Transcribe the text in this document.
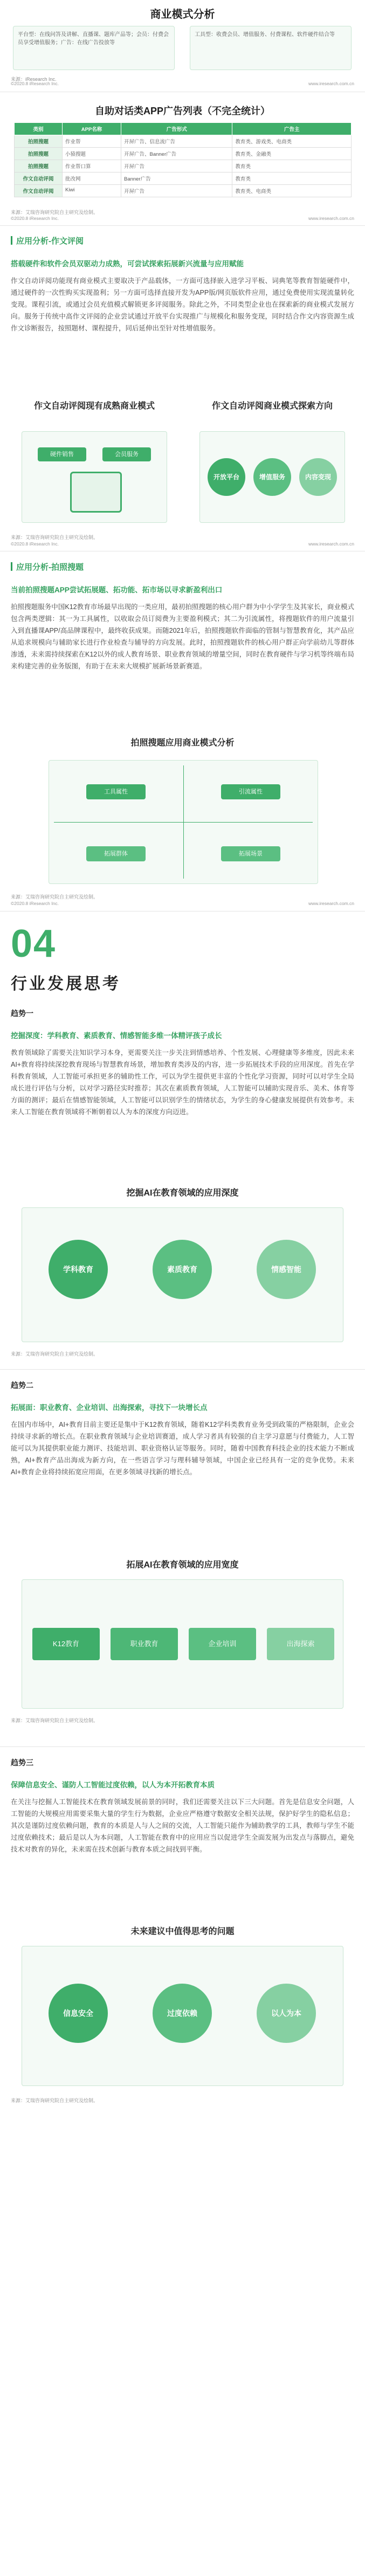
商业模式分析
平台型：在线问答及讲解、直播课、题库产品等；会员：付费会员享受增值服务；广告：在线广告投放等
工具型：收费会员、增值服务、付费课程、软件硬件结合等
来源：iResearch Inc.
©2020.8 iResearch Inc.	www.iresearch.com.cn
自助对话类APP广告列表（不完全统计）
类别	APP名称	广告形式	广告主
拍照搜题	作业帮	开屏广告、信息流广告	教育类、游戏类、电商类
拍照搜题	小猿搜题	开屏广告、Banner广告	教育类、金融类
拍照搜题	作业帮口算	开屏广告	教育类
作文自动评阅	批改网	Banner广告	教育类
作文自动评阅	Kiwi	开屏广告	教育类、电商类
来源：艾瑞咨询研究院自主研究及绘制。
©2020.8 iResearch Inc.	www.iresearch.com.cn
应用分析-作文评阅
搭载硬件和软件会员双驱动力成熟，可尝试探索拓展新兴流量与应用赋能
作文自动评阅功能现有商业模式主要取决于产品载体，一方面可选择嵌入进学习平板、词典笔等教育智能硬件中，通过硬件的一次性购买实现盈利；另一方面可选择直接开发为APP版/网页版软件应用，通过免费使用实现流量转化变现。课程引流，或通过会员充值模式解锁更多评阅服务。除此之外，不同类型企业也在探索新的商业模式发展方向。服务于传统中高作文评阅的企业尝试通过开放平台实现推广与规模化和服务变现，同时结合作文内容资源生成作文诊断报告，按照题材、课程提升，同后延伸出至针对性增值服务。
作文自动评阅现有成熟商业模式	作文自动评阅商业模式探索方向
硬件销售	会员服务
开放平台	增值服务	内容变现
来源：艾瑞咨询研究院自主研究及绘制。
©2020.8 iResearch Inc.	www.iresearch.com.cn
应用分析-拍照搜题
当前拍照搜题APP尝试拓展题、拓功能、拓市场以寻求新盈利出口
拍照搜题服务中国K12教育市场最早出现的一类应用，最初拍照搜题的核心用户群为中小学学生及其家长，商业模式包含两类逻辑：其一为工具属性，以收取会员订阅费为主要盈利模式；其二为引流属性，将搜题软件的用户流量引入到直播课APP/高品牌课程中，最终收获成果。而随2021年后，拍照搜题软件面临的管制与智慧教育化，其产品应从追求规模向与辅助家长进行作业检查与辅导的方向发展。此时，拍照搜题软件的核心用户群正向学前幼儿等群体渗透，未来需持续探索在K12以外的成人教育场景、职业教育领域的增量空间，同时在教育硬件与学习机等终端布局来构建完善的业务版图，有助于在未来大规模扩展新场景新赛道。
拍照搜题应用商业模式分析
工具属性	引流属性
拓展群体	拓展场景
来源：艾瑞咨询研究院自主研究及绘制。
©2020.8 iResearch Inc.	www.iresearch.com.cn
04
行业发展思考
趋势一
挖掘深度：学科教育、素质教育、情感智能多维一体精评孩子成长
教育领域除了需要关注知识学习本身，更需要关注一步关注到情感培养、个性发展、心理健康等多维度，因此未来AI+教育将持续深挖教育现场与智慧教育场景，增加教育类涉及的内容，进一步拓展技术手段的应用深度。首先在学科教育领域，人工智能可承担更多的辅助性工作，可以为学生提供更丰富的个性化学习资源，同时可以对学生全局成长进行评估与分析，以对学习路径实时推荐；其次在素质教育领域，人工智能可以辅助实现音乐、美术、体育等方面的测评；最后在情感智能领域，人工智能可以识别学生的情绪状态，为学生的身心健康发展提供有效参考。未来人工智能在教育领域将不断朝着以人为本的深度方向迈进。
挖掘AI在教育领域的应用深度
学科教育	素质教育	情感智能
来源：艾瑞咨询研究院自主研究及绘制。
趋势二
拓展面：职业教育、企业培训、出海探索，寻找下一块增长点
在国内市场中，AI+教育目前主要还是集中于K12教育领域，随着K12学科类教育业务受到政策的严格限制，企业会持续寻求新的增长点。在职业教育领域与企业培训赛道，成人学习者具有较强的自主学习意愿与付费能力，人工智能可以为其提供职业能力测评、技能培训、职业资格认证等服务。同时，随着中国教育科技企业的技术能力不断成熟，AI+教育产品出海成为新方向，在一些语言学习与理科辅导领域，中国企业已经具有一定的竞争优势。未来AI+教育企业将持续拓宽应用面，在更多领域寻找新的增长点。
拓展AI在教育领域的应用宽度
K12教育	职业教育	企业培训	出海探索
来源：艾瑞咨询研究院自主研究及绘制。
趋势三
保障信息安全、谨防人工智能过度依赖，以人为本开拓教育本质
在关注与挖掘人工智能技术在教育领域发展前景的同时，我们还需要关注以下三大问题。首先是信息安全问题，人工智能的大规模应用需要采集大量的学生行为数据，企业应严格遵守数据安全相关法规，保护好学生的隐私信息；其次是谨防过度依赖问题，教育的本质是人与人之间的交流，人工智能只能作为辅助教学的工具，教师与学生不能过度依赖技术；最后是以人为本问题，人工智能在教育中的应用应当以促进学生全面发展为出发点与落脚点，避免技术对教育的异化，未来需在技术创新与教育本质之间找到平衡。
未来建议中值得思考的问题
信息安全	过度依赖	以人为本
来源：艾瑞咨询研究院自主研究及绘制。
